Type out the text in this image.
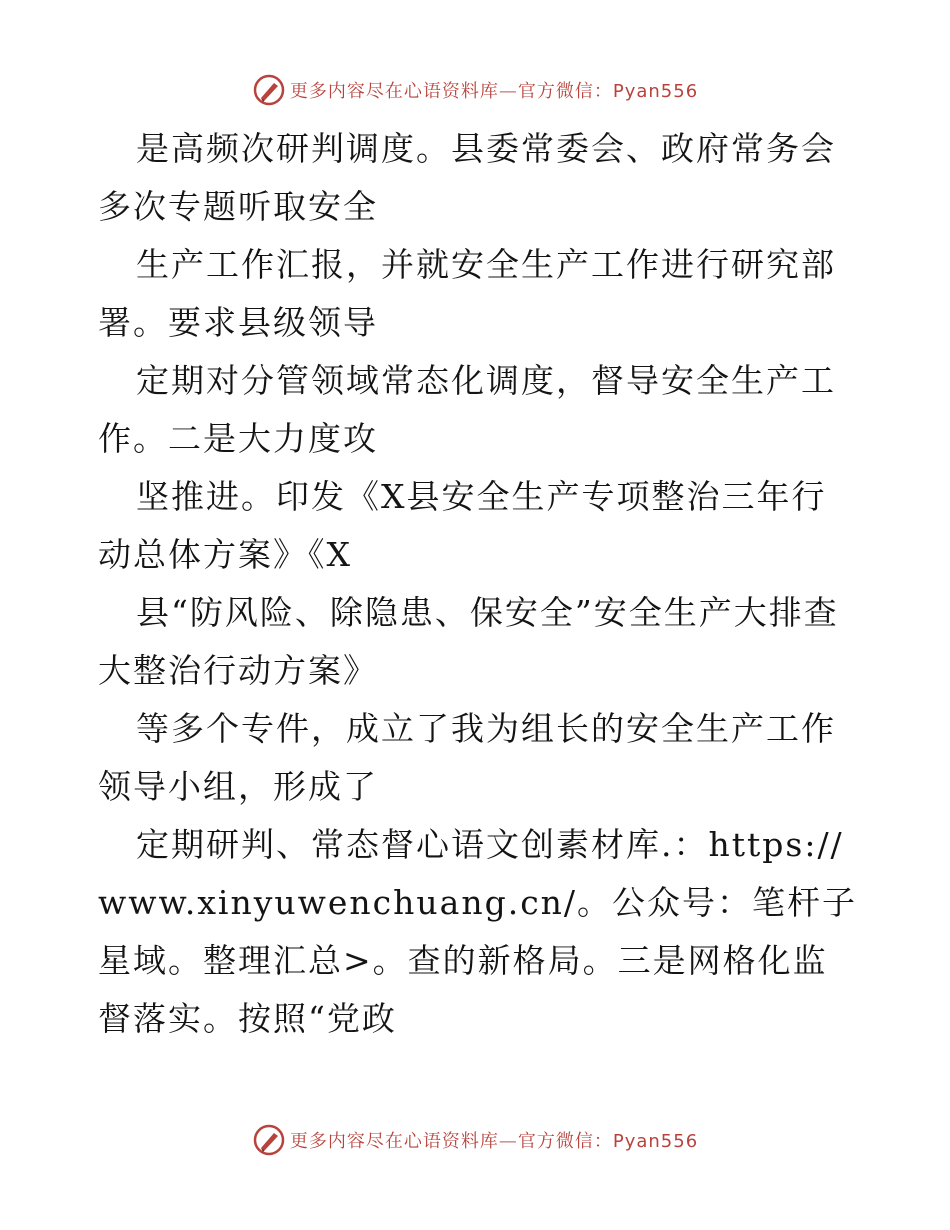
更多内容尽在心语资料库—官方微信：Pyan556

是高频次研判调度。县委常委会、政府常务会多次专题听取安全

生产工作汇报，并就安全生产工作进行研究部署。要求县级领导

定期对分管领域常态化调度，督导安全生产工作。二是大力度攻

坚推进。印发《X县安全生产专项整治三年行动总体方案》《X

县“防风险、除隐患、保安全”安全生产大排查大整治行动方案》

等多个专件，成立了我为组长的安全生产工作领导小组，形成了

定期研判、常态督心语文创素材库.：https://www.xinyuwenchuang.cn/。公众号：笔杆子星域。整理汇总>。查的新格局。三是网格化监督落实。按照“党政

更多内容尽在心语资料库—官方微信：Pyan556
